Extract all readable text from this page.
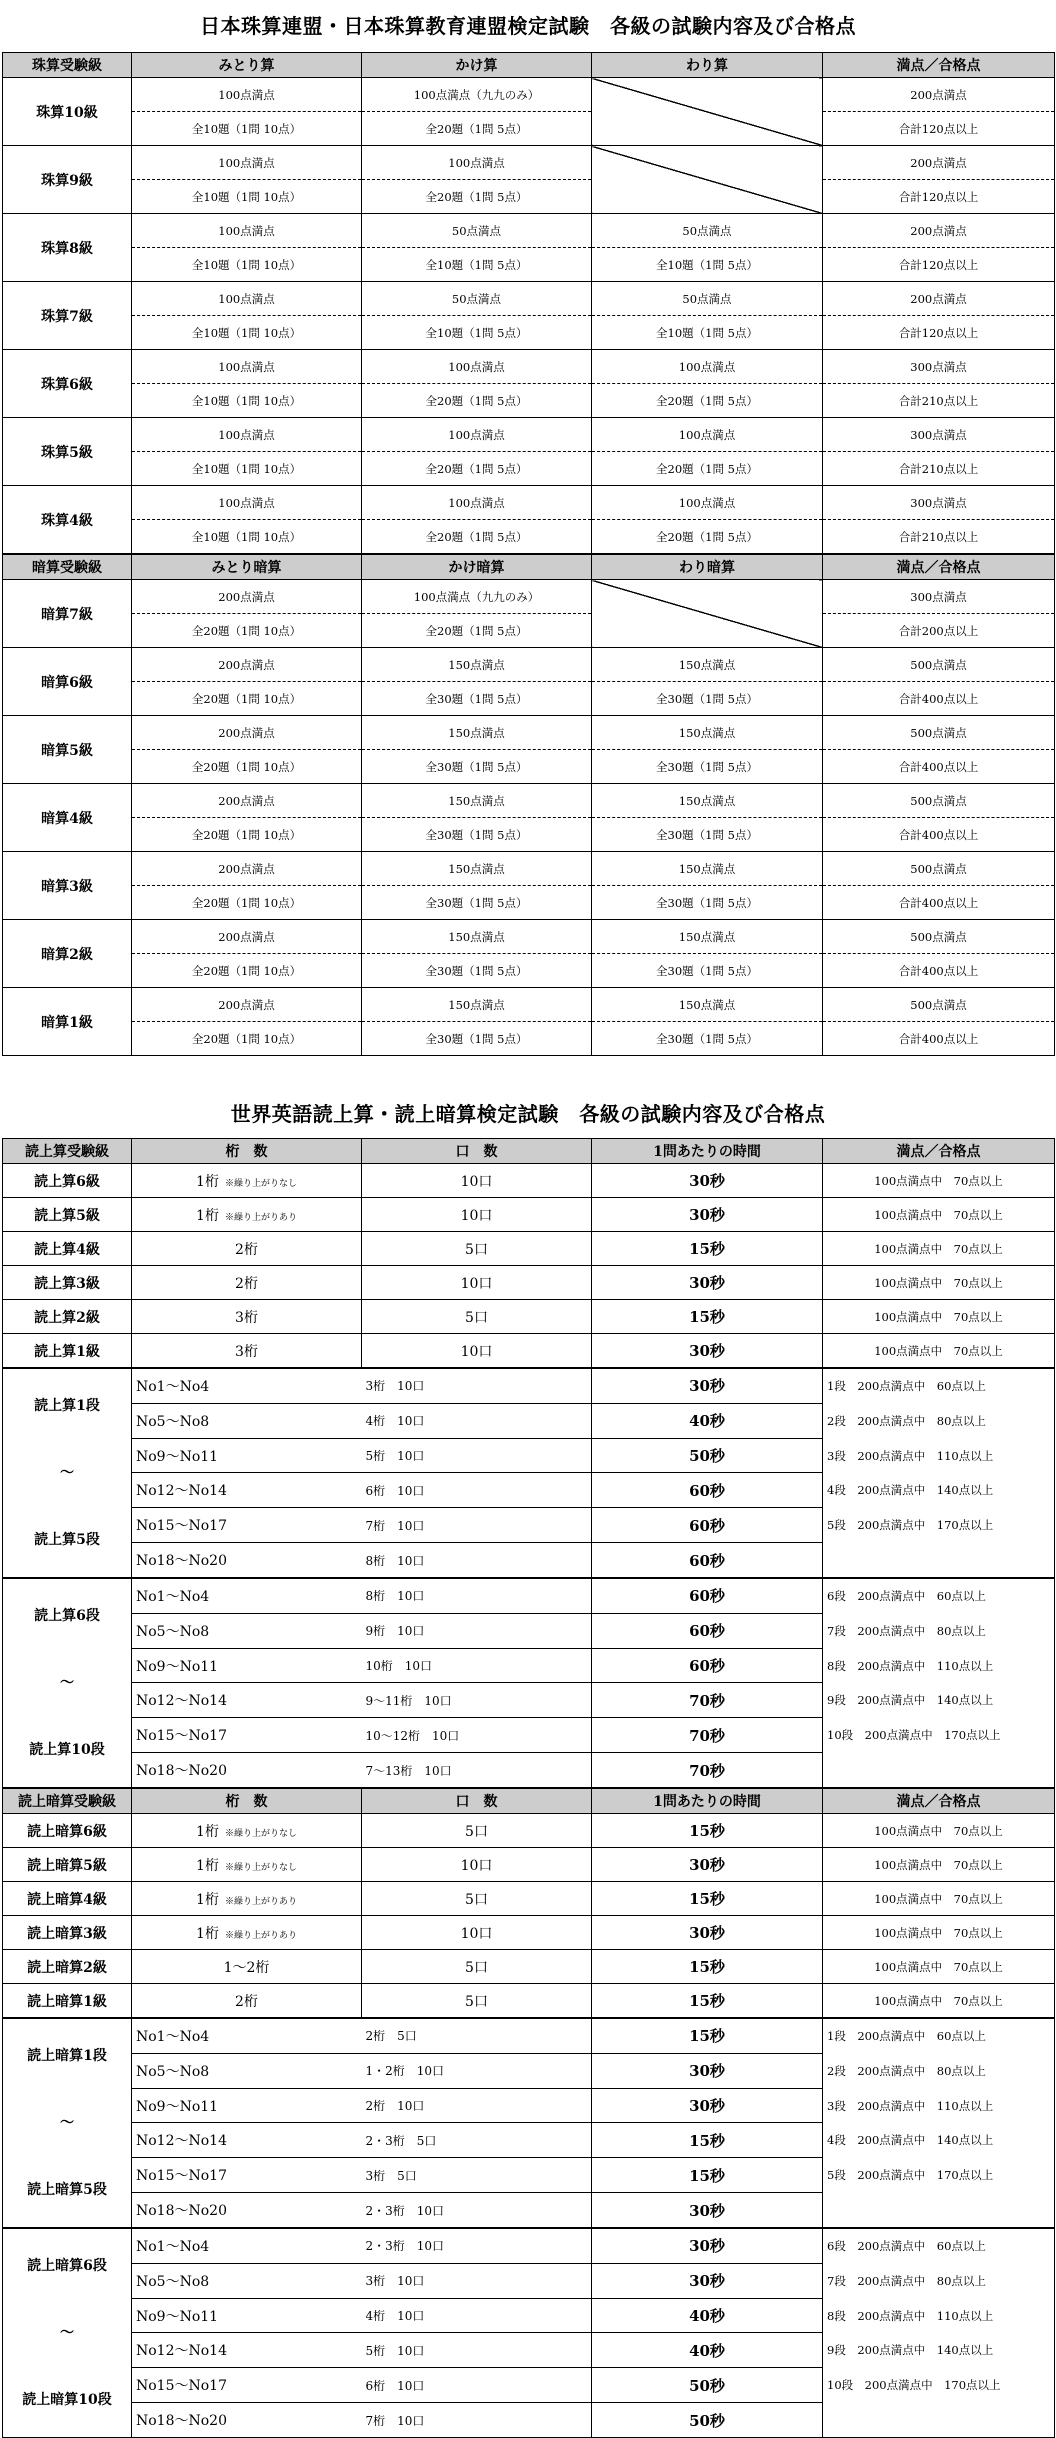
日本珠算連盟・日本珠算教育連盟検定試験　各級の試験内容及び合格点
珠算受験級	みとり算	かけ算	わり算	満点／合格点
珠算10級	100点満点	100点満点（九九のみ）		200点満点
	全10題（1問 10点）	全20題（1問 5点）		合計120点以上
珠算9級	100点満点	100点満点		200点満点
	全10題（1問 10点）	全20題（1問 5点）		合計120点以上
珠算8級	100点満点	50点満点	50点満点	200点満点
	全10題（1問 10点）	全10題（1問 5点）	全10題（1問 5点）	合計120点以上
珠算7級	100点満点	50点満点	50点満点	200点満点
	全10題（1問 10点）	全10題（1問 5点）	全10題（1問 5点）	合計120点以上
珠算6級	100点満点	100点満点	100点満点	300点満点
	全10題（1問 10点）	全20題（1問 5点）	全20題（1問 5点）	合計210点以上
珠算5級	100点満点	100点満点	100点満点	300点満点
	全10題（1問 10点）	全20題（1問 5点）	全20題（1問 5点）	合計210点以上
珠算4級	100点満点	100点満点	100点満点	300点満点
	全10題（1問 10点）	全20題（1問 5点）	全20題（1問 5点）	合計210点以上
暗算受験級	みとり暗算	かけ暗算	わり暗算	満点／合格点
暗算7級	200点満点	100点満点（九九のみ）		300点満点
	全20題（1問 10点）	全20題（1問 5点）		合計200点以上
暗算6級	200点満点	150点満点	150点満点	500点満点
	全20題（1問 10点）	全30題（1問 5点）	全30題（1問 5点）	合計400点以上
暗算5級	200点満点	150点満点	150点満点	500点満点
	全20題（1問 10点）	全30題（1問 5点）	全30題（1問 5点）	合計400点以上
暗算4級	200点満点	150点満点	150点満点	500点満点
	全20題（1問 10点）	全30題（1問 5点）	全30題（1問 5点）	合計400点以上
暗算3級	200点満点	150点満点	150点満点	500点満点
	全20題（1問 10点）	全30題（1問 5点）	全30題（1問 5点）	合計400点以上
暗算2級	200点満点	150点満点	150点満点	500点満点
	全20題（1問 10点）	全30題（1問 5点）	全30題（1問 5点）	合計400点以上
暗算1級	200点満点	150点満点	150点満点	500点満点
	全20題（1問 10点）	全30題（1問 5点）	全30題（1問 5点）	合計400点以上
世界英語読上算・読上暗算検定試験　各級の試験内容及び合格点
読上算受験級	桁　数	口　数	1問あたりの時間	満点／合格点
読上算6級	1桁 ※繰り上がりなし	10口	30秒	100点満点中　70点以上
読上算5級	1桁 ※繰り上がりあり	10口	30秒	100点満点中　70点以上
読上算4級	2桁	5口	15秒	100点満点中　70点以上
読上算3級	2桁	10口	30秒	100点満点中　70点以上
読上算2級	3桁	5口	15秒	100点満点中　70点以上
読上算1級	3桁	10口	30秒	100点満点中　70点以上

読上算1段
～
読上算5段	No1～No4	3桁　10口	30秒	1段　200点満点中　60点以上
	No5～No8	4桁　10口	40秒	2段　200点満点中　80点以上
	No9～No11	5桁　10口	50秒	3段　200点満点中　110点以上
	No12～No14	6桁　10口	60秒	4段　200点満点中　140点以上
	No15～No17	7桁　10口	60秒	5段　200点満点中　170点以上
	No18～No20	8桁　10口	60秒	

読上算6段
～
読上算10段	No1～No4	8桁　10口	60秒	6段　200点満点中　60点以上
	No5～No8	9桁　10口	60秒	7段　200点満点中　80点以上
	No9～No11	10桁　10口	60秒	8段　200点満点中　110点以上
	No12～No14	9～11桁　10口	70秒	9段　200点満点中　140点以上
	No15～No17	10～12桁　10口	70秒	10段　200点満点中　170点以上
	No18～No20	7～13桁　10口	70秒	
読上暗算受験級	桁　数	口　数	1問あたりの時間	満点／合格点
読上暗算6級	1桁 ※繰り上がりなし	5口	15秒	100点満点中　70点以上
読上暗算5級	1桁 ※繰り上がりなし	10口	30秒	100点満点中　70点以上
読上暗算4級	1桁 ※繰り上がりあり	5口	15秒	100点満点中　70点以上
読上暗算3級	1桁 ※繰り上がりあり	10口	30秒	100点満点中　70点以上
読上暗算2級	1～2桁	5口	15秒	100点満点中　70点以上
読上暗算1級	2桁	5口	15秒	100点満点中　70点以上

読上暗算1段
～
読上暗算5段	No1～No4	2桁　5口	15秒	1段　200点満点中　60点以上
	No5～No8	1・2桁　10口	30秒	2段　200点満点中　80点以上
	No9～No11	2桁　10口	30秒	3段　200点満点中　110点以上
	No12～No14	2・3桁　5口	15秒	4段　200点満点中　140点以上
	No15～No17	3桁　5口	15秒	5段　200点満点中　170点以上
	No18～No20	2・3桁　10口	30秒	

読上暗算6段
～
読上暗算10段	No1～No4	2・3桁　10口	30秒	6段　200点満点中　60点以上
	No5～No8	3桁　10口	30秒	7段　200点満点中　80点以上
	No9～No11	4桁　10口	40秒	8段　200点満点中　110点以上
	No12～No14	5桁　10口	40秒	9段　200点満点中　140点以上
	No15～No17	6桁　10口	50秒	10段　200点満点中　170点以上
	No18～No20	7桁　10口	50秒	
